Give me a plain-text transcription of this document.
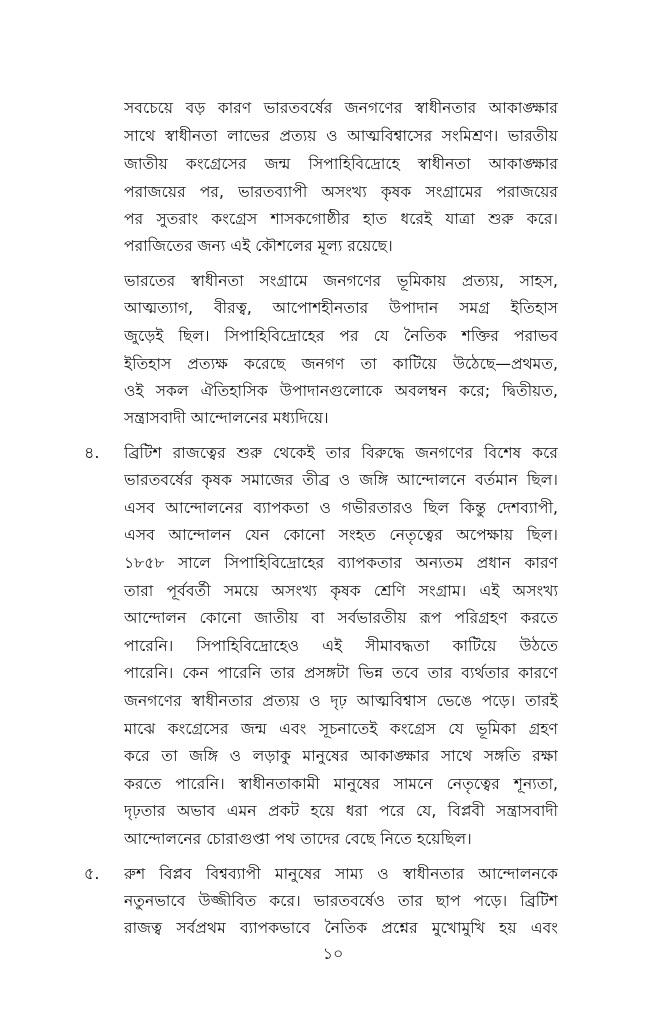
সবচেয়ে বড় কারণ ভারতবর্ষের জনগণের স্বাধীনতার আকাঙ্ক্ষার
সাথে স্বাধীনতা লাভের প্রত্যয় ও আত্মবিশ্বাসের সংমিশ্রণ। ভারতীয়
জাতীয় কংগ্রেসের জন্ম সিপাহিবিদ্রোহে স্বাধীনতা আকাঙ্ক্ষার
পরাজয়ের পর, ভারতব্যাপী অসংখ্য কৃষক সংগ্রামের পরাজয়ের
পর সুতরাং কংগ্রেস শাসকগোষ্ঠীর হাত ধরেই যাত্রা শুরু করে।
পরাজিতের জন্য এই কৌশলের মূল্য রয়েছে।
ভারতের স্বাধীনতা সংগ্রামে জনগণের ভূমিকায় প্রত্যয়, সাহস,
আত্মত্যাগ, বীরত্ব, আপোশহীনতার উপাদান সমগ্র ইতিহাস
জুড়েই ছিল। সিপাহিবিদ্রোহের পর যে নৈতিক শক্তির পরাভব
ইতিহাস প্রত্যক্ষ করেছে জনগণ তা কাটিয়ে উঠেছে—প্রথমত,
ওই সকল ঐতিহাসিক উপাদানগুলোকে অবলম্বন করে; দ্বিতীয়ত,
সন্ত্রাসবাদী আন্দোলনের মধ্যদিয়ে।
৪. ব্রিটিশ রাজত্বের শুরু থেকেই তার বিরুদ্ধে জনগণের বিশেষ করে
ভারতবর্ষের কৃষক সমাজের তীব্র ও জঙ্গি আন্দোলনে বর্তমান ছিল।
এসব আন্দোলনের ব্যাপকতা ও গভীরতারও ছিল কিন্তু দেশব্যাপী,
এসব আন্দোলন যেন কোনো সংহত নেতৃত্বের অপেক্ষায় ছিল।
১৮৫৮ সালে সিপাহিবিদ্রোহের ব্যাপকতার অন্যতম প্রধান কারণ
তারা পূর্ববর্তী সময়ে অসংখ্য কৃষক শ্রেণি সংগ্রাম। এই অসংখ্য
আন্দোলন কোনো জাতীয় বা সর্বভারতীয় রূপ পরিগ্রহণ করতে
পারেনি। সিপাহিবিদ্রোহেও এই সীমাবদ্ধতা কাটিয়ে উঠতে
পারেনি। কেন পারেনি তার প্রসঙ্গটা ভিন্ন তবে তার ব্যর্থতার কারণে
জনগণের স্বাধীনতার প্রত্যয় ও দৃঢ় আত্মবিশ্বাস ভেঙে পড়ে। তারই
মাঝে কংগ্রেসের জন্ম এবং সূচনাতেই কংগ্রেস যে ভূমিকা গ্রহণ
করে তা জঙ্গি ও লড়াকু মানুষের আকাঙ্ক্ষার সাথে সঙ্গতি রক্ষা
করতে পারেনি। স্বাধীনতাকামী মানুষের সামনে নেতৃত্বের শূন্যতা,
দৃঢ়তার অভাব এমন প্রকট হয়ে ধরা পরে যে, বিপ্লবী সন্ত্রাসবাদী
আন্দোলনের চোরাগুপ্তা পথ তাদের বেছে নিতে হয়েছিল।
৫. রুশ বিপ্লব বিশ্বব্যাপী মানুষের সাম্য ও স্বাধীনতার আন্দোলনকে
নতুনভাবে উজ্জীবিত করে। ভারতবর্ষেও তার ছাপ পড়ে। ব্রিটিশ
রাজত্ব সর্বপ্রথম ব্যাপকভাবে নৈতিক প্রশ্নের মুখোমুখি হয় এবং
১০
